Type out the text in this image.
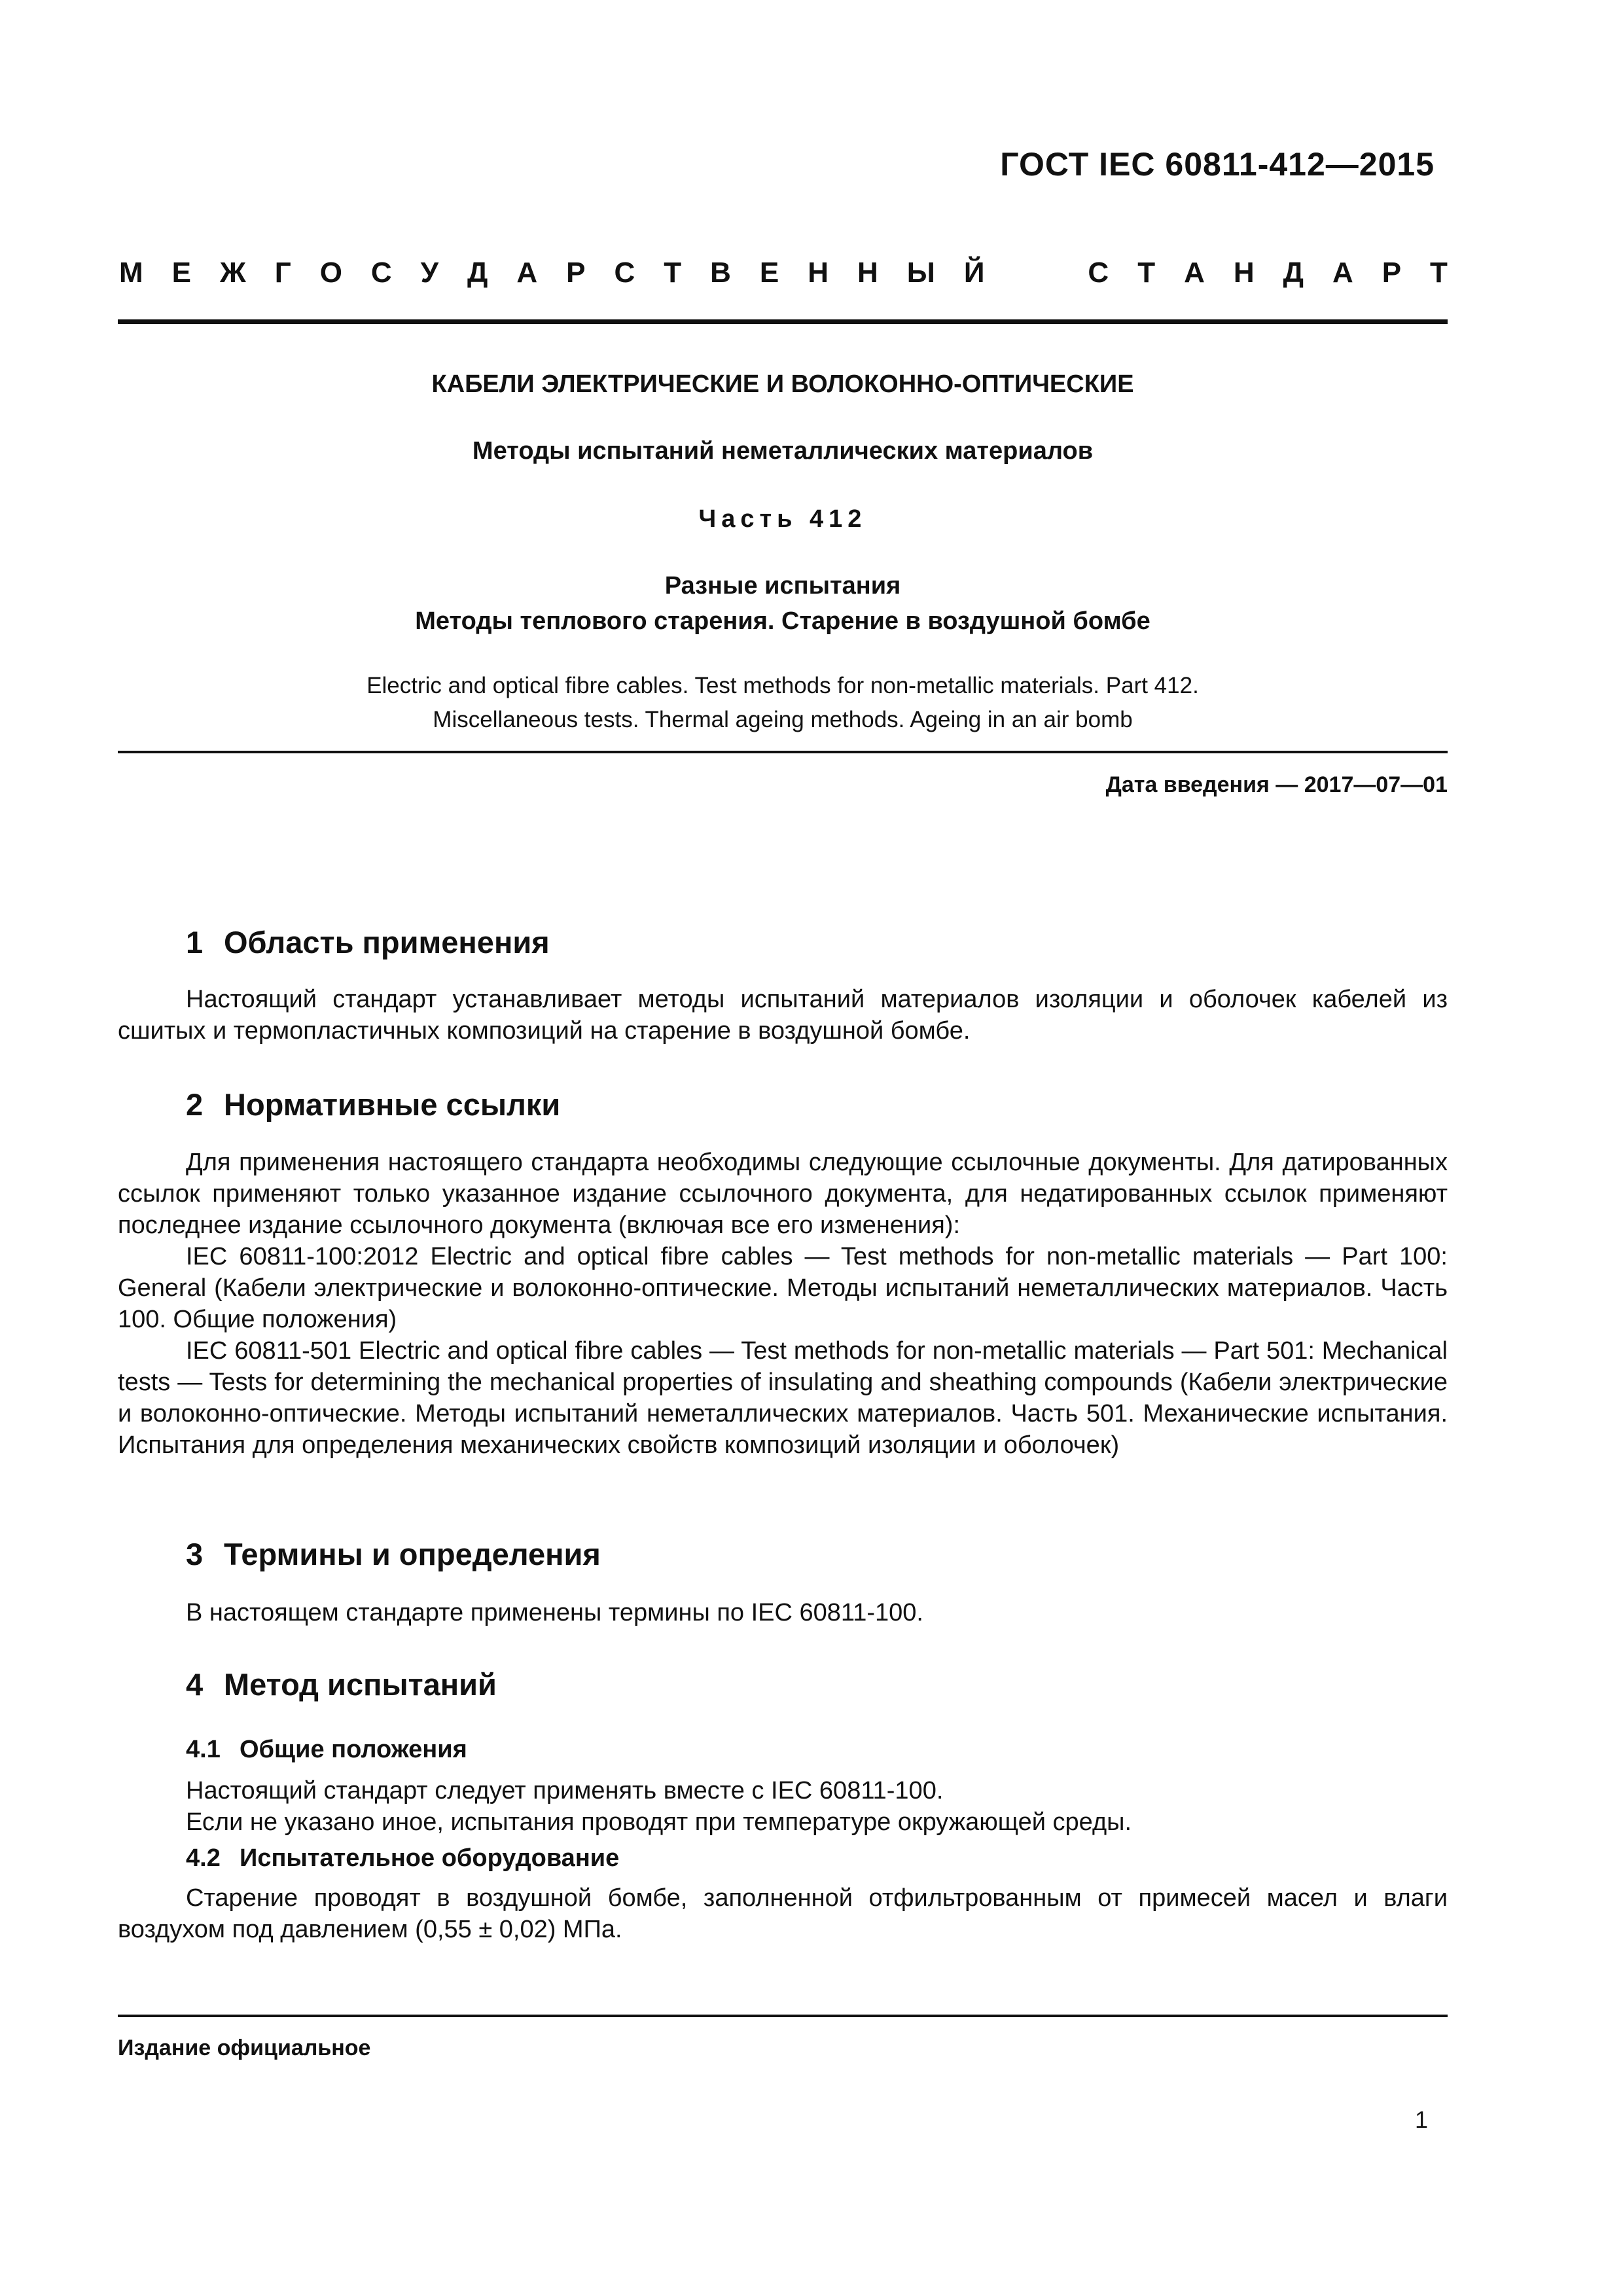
ГОСТ IEC 60811-412—2015
М Е Ж Г О С У Д А Р С Т В Е Н Н Ы Й	С Т А Н Д А Р Т
КАБЕЛИ ЭЛЕКТРИЧЕСКИЕ И ВОЛОКОННО-ОПТИЧЕСКИЕ
Методы испытаний неметаллических материалов
Часть 412
Разные испытания
Методы теплового старения. Старение в воздушной бомбе
Electric and optical fibre cables. Test methods for non-metallic materials. Part 412.
Miscellaneous tests. Thermal ageing methods. Ageing in an air bomb
Дата введения — 2017—07—01
1 Область применения

Настоящий стандарт устанавливает методы испытаний материалов изоляции и оболочек кабелей из сшитых и термопластичных композиций на старение в воздушной бомбе.

2 Нормативные ссылки

Для применения настоящего стандарта необходимы следующие ссылочные документы. Для датированных ссылок применяют только указанное издание ссылочного документа, для недатированных ссылок применяют последнее издание ссылочного документа (включая все его изменения):

IEC 60811-100:2012 Electric and optical fibre cables — Test methods for non-metallic materials — Part 100: General (Кабели электрические и волоконно-оптические. Методы испытаний неметаллических материалов. Часть 100. Общие положения)

IEC 60811-501 Electric and optical fibre cables — Test methods for non-metallic materials — Part 501: Mechanical tests — Tests for determining the mechanical properties of insulating and sheathing compounds (Кабели электрические и волоконно-оптические. Методы испытаний неметаллических материалов. Часть 501. Механические испытания. Испытания для определения механических свойств композиций изоляции и оболочек)

3 Термины и определения
В настоящем стандарте применены термины по IEC 60811-100.
4 Метод испытаний
4.1 Общие положения
Настоящий стандарт следует применять вместе с IEC 60811-100.
Если не указано иное, испытания проводят при температуре окружающей среды.
4.2 Испытательное оборудование

Старение проводят в воздушной бомбе, заполненной отфильтрованным от примесей масел и влаги воздухом под давлением (0,55 ± 0,02) МПа.

Издание официальное
1
